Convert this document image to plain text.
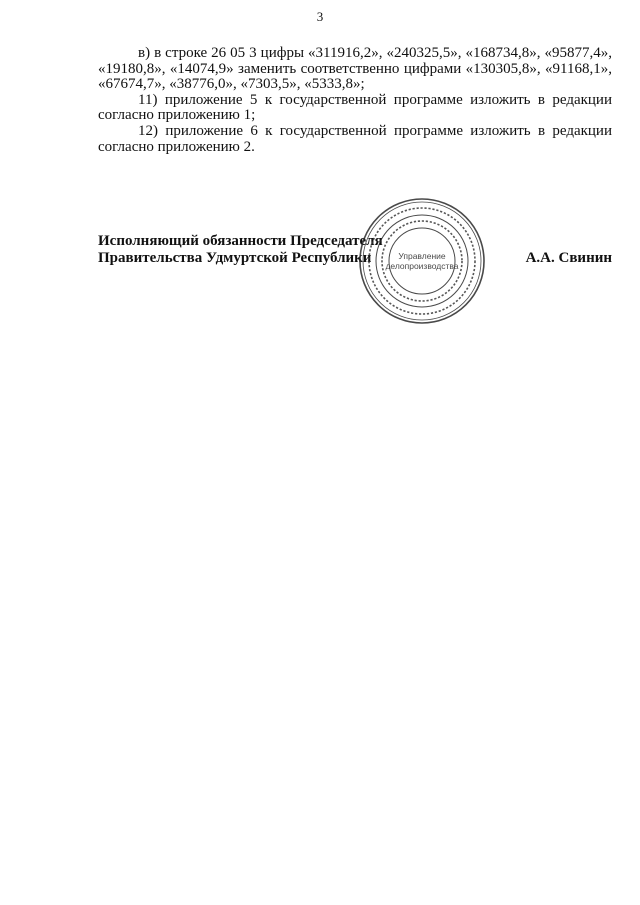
3

в) в строке 26 05 3 цифры «311916,2», «240325,5», «168734,8», «95877,4», «19180,8», «14074,9» заменить соответственно цифрами «130305,8», «91168,1», «67674,7», «38776,0», «7303,5», «5333,8»;

11) приложение 5 к государственной программе изложить в редакции согласно приложению 1;

12) приложение 6 к государственной программе изложить в редакции согласно приложению 2.

Исполняющий обязанности Председателя
Правительства Удмуртской Республики	А.А. Свинин
Управление
делопроизводства
